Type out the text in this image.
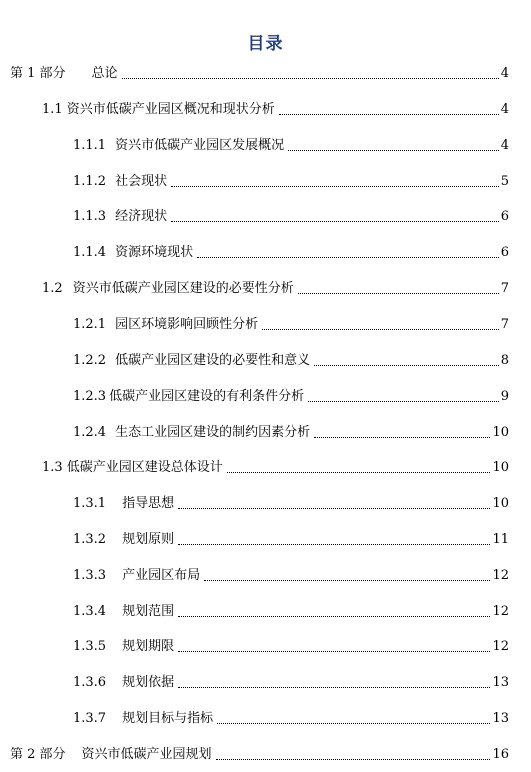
目录
第 1 部分 总论	4
1.1 资兴市低碳产业园区概况和现状分析	4
1.1.1 资兴市低碳产业园区发展概况	4
1.1.2 社会现状	5
1.1.3 经济现状	6
1.1.4 资源环境现状	6
1.2 资兴市低碳产业园区建设的必要性分析	7
1.2.1 园区环境影响回顾性分析	7
1.2.2 低碳产业园区建设的必要性和意义	8
1.2.3 低碳产业园区建设的有利条件分析	9
1.2.4 生态工业园区建设的制约因素分析	10
1.3 低碳产业园区建设总体设计	10
1.3.1 指导思想	10
1.3.2 规划原则	11
1.3.3 产业园区布局	12
1.3.4 规划范围	12
1.3.5 规划期限	12
1.3.6 规划依据	13
1.3.7 规划目标与指标	13
第 2 部分 资兴市低碳产业园规划	16
